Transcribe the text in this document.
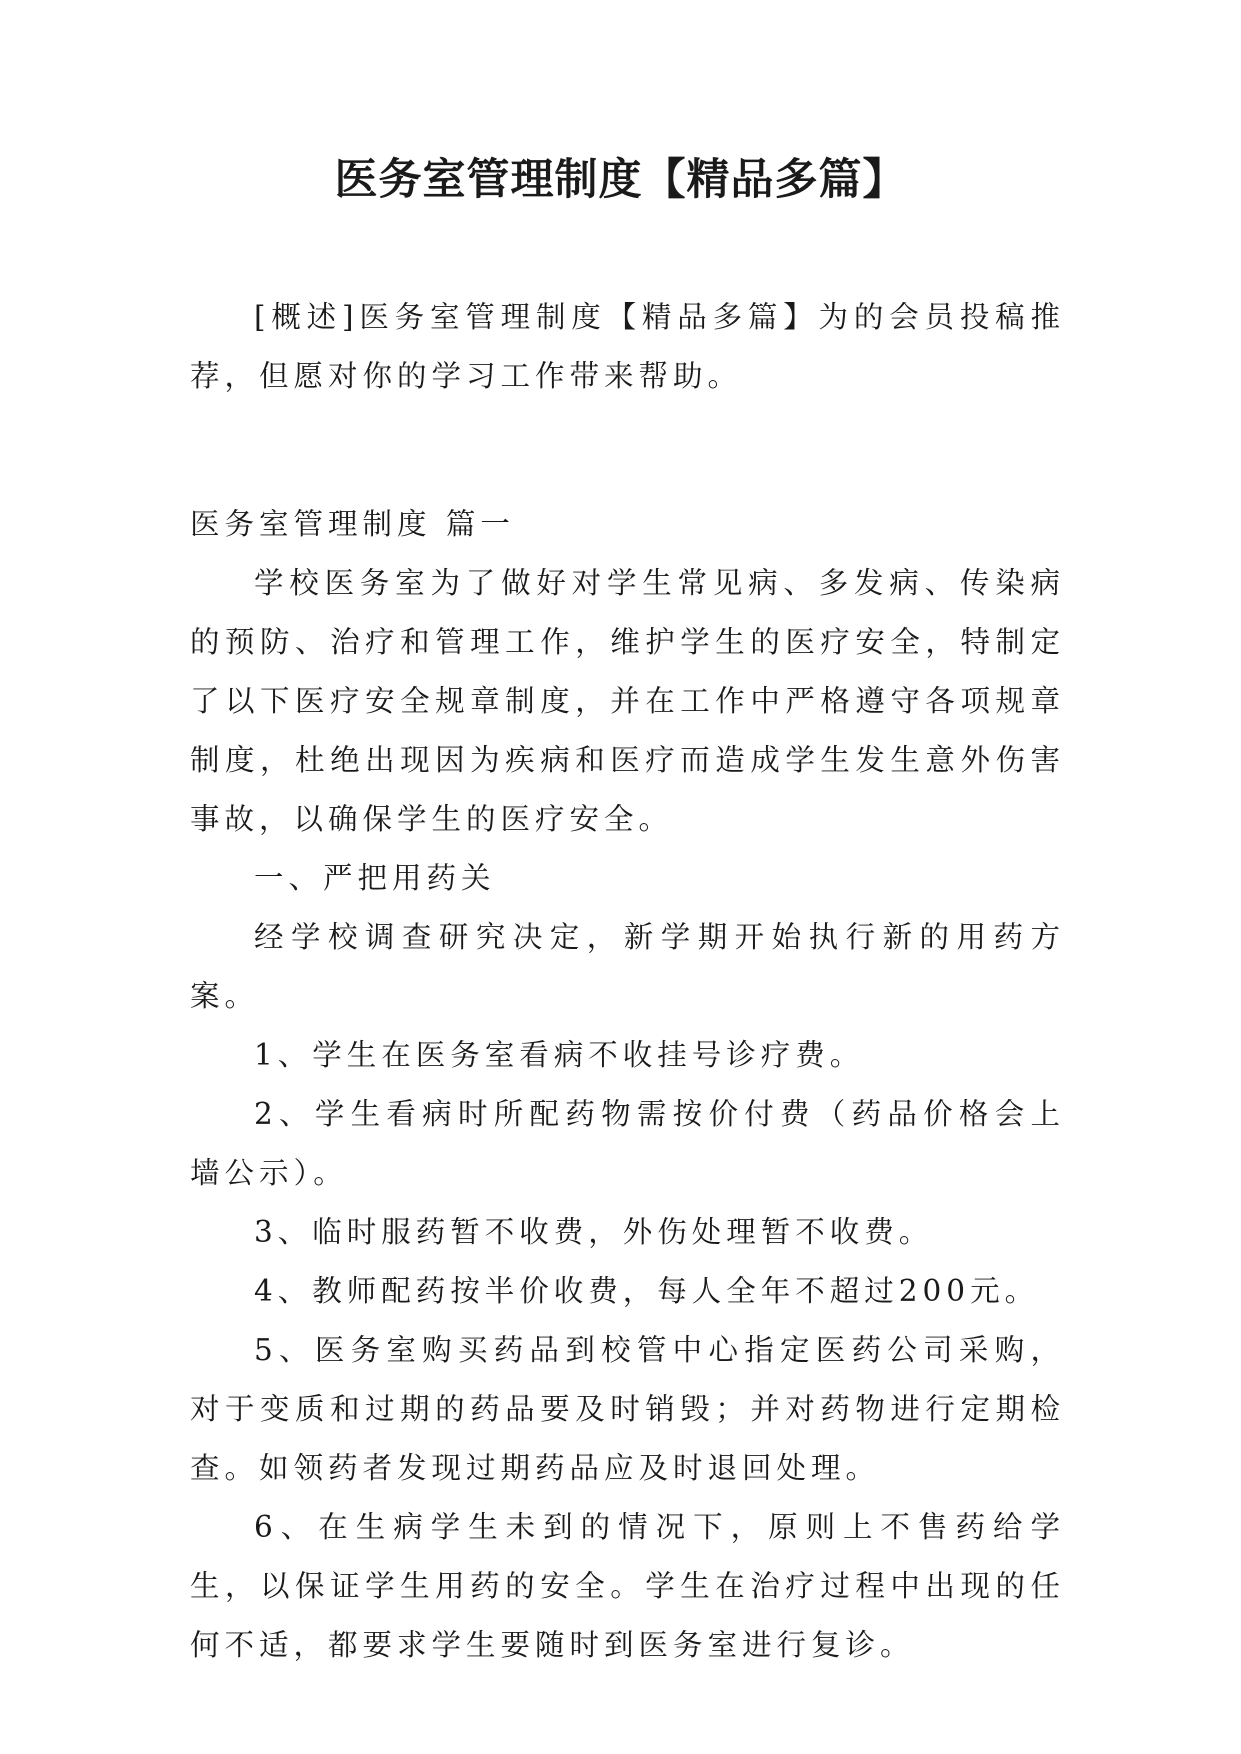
医务室管理制度【精品多篇】

[概述]医务室管理制度【精品多篇】为的会员投稿推荐，但愿对你的学习工作带来帮助。

医务室管理制度 篇一

学校医务室为了做好对学生常见病、多发病、传染病的预防、治疗和管理工作，维护学生的医疗安全，特制定了以下医疗安全规章制度，并在工作中严格遵守各项规章制度，杜绝出现因为疾病和医疗而造成学生发生意外伤害事故，以确保学生的医疗安全。

一、严把用药关

经学校调查研究决定，新学期开始执行新的用药方案。

1、学生在医务室看病不收挂号诊疗费。

2、学生看病时所配药物需按价付费（药品价格会上墙公示）。

3、临时服药暂不收费，外伤处理暂不收费。

4、教师配药按半价收费，每人全年不超过200元。

5、医务室购买药品到校管中心指定医药公司采购，对于变质和过期的药品要及时销毁；并对药物进行定期检查。如领药者发现过期药品应及时退回处理。

6、在生病学生未到的情况下，原则上不售药给学生，以保证学生用药的安全。学生在治疗过程中出现的任何不适，都要求学生要随时到医务室进行复诊。
